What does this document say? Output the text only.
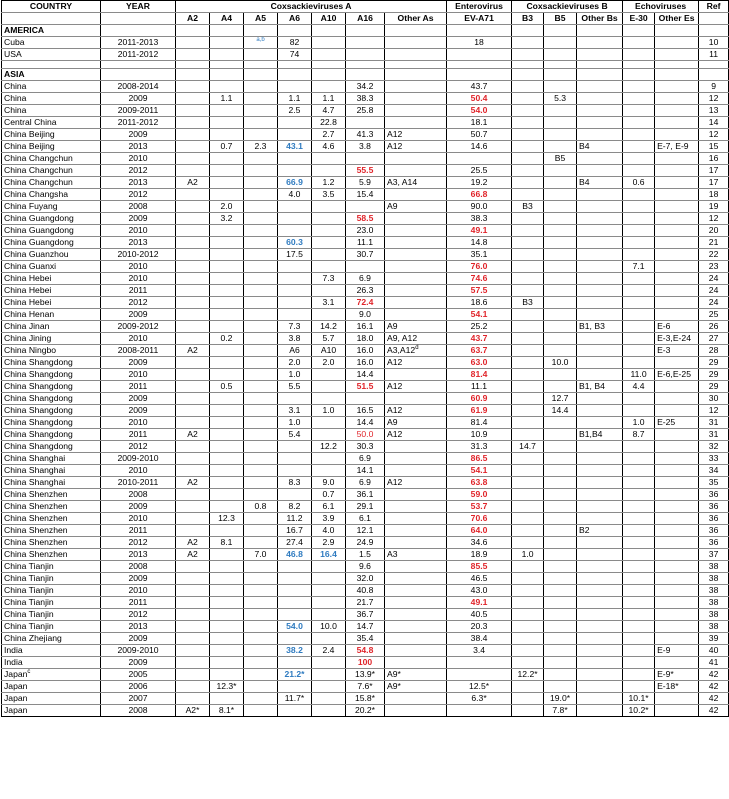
COUNTRY	YEAR	Coxsackieviruses A							Enterovirus	Coxsackieviruses B			Echoviruses		Ref
		A2	A4	A5	A6	A10	A16	Other As	EV-A71	B3	B5	Other Bs	E-30	Other Es	
AMERICA															
Cuba	2011-2013			$^{a,b}$	82				18						10
USA	2011-2012				74										11

ASIA															
China	2008-2014						34.2		43.7						9
China	2009		1.1		1.1	1.1	38.3		50.4		5.3				12
China	2009-2011				2.5	4.7	25.8		54.0						13
Central China	2011-2012					22.8			18.1						14
China Beijing	2009					2.7	41.3	A12	50.7						12
China Beijing	2013		0.7	2.3	43.1	4.6	3.8	A12	14.6			B4		E-7, E-9	15
China Changchun	2010										B5				16
China Changchun	2012						55.5		25.5						17
China Changchun	2013	A2			66.9	1.2	5.9	A3, A14	19.2			B4	0.6		17
China Changsha	2012				4.0	3.5	15.4		66.8						18
China Fuyang	2008		2.0					A9	90.0	B3					19
China Guangdong	2009		3.2				58.5		38.3						12
China Guangdong	2010						23.0		49.1						20
China Guangdong	2013				60.3		11.1		14.8						21
China Guanzhou	2010-2012				17.5		30.7		35.1						22
China Guanxi	2010								76.0				7.1		23
China Hebei	2010					7.3	6.9		74.6						24
China Hebei	2011						26.3		57.5						24
China Hebei	2012					3.1	72.4		18.6	B3					24
China Henan	2009						9.0		54.1						25
China Jinan	2009-2012				7.3	14.2	16.1	A9	25.2			B1, B3		E-6	26
China Jining	2010		0.2		3.8	5.7	18.0	A9, A12	43.7					E-3,E-24	27
China Ningbo	2008-2011	A2			A6	A10	16.0	A3,A12$^d$	63.7					E-3	28
China Shangdong	2009				2.0	2.0	16.0	A12	63.0		10.0				29
China Shangdong	2010				1.0		14.4		81.4				11.0	E-6,E-25	29
China Shangdong	2011		0.5		5.5		51.5	A12	11.1			B1, B4	4.4		29
China Shangdong	2009								60.9		12.7				30
China Shangdong	2009				3.1	1.0	16.5	A12	61.9		14.4				12
China Shangdong	2010				1.0		14.4	A9	81.4				1.0	E-25	31
China Shangdong	2011	A2			5.4		50.0	A12	10.9			B1,B4	8.7		31
China Shangdong	2012					12.2	30.3		31.3	14.7					32
China Shanghai	2009-2010						6.9		86.5						33
China Shanghai	2010						14.1		54.1						34
China Shanghai	2010-2011	A2			8.3	9.0	6.9	A12	63.8						35
China Shenzhen	2008					0.7	36.1		59.0						36
China Shenzhen	2009			0.8	8.2	6.1	29.1		53.7						36
China Shenzhen	2010		12.3		11.2	3.9	6.1		70.6						36
China Shenzhen	2011				16.7	4.0	12.1		64.0			B2			36
China Shenzhen	2012	A2	8.1		27.4	2.9	24.9		34.6						36
China Shenzhen	2013	A2		7.0	46.8	16.4	1.5	A3	18.9	1.0					37
China Tianjin	2008						9.6		85.5						38
China Tianjin	2009						32.0		46.5						38
China Tianjin	2010						40.8		43.0						38
China Tianjin	2011						21.7		49.1						38
China Tianjin	2012						36.7		40.5						38
China Tianjin	2013				54.0	10.0	14.7		20.3						38
China Zhejiang	2009						35.4		38.4						39
India	2009-2010				38.2	2.4	54.8		3.4					E-9	40
India	2009						100								41
Japan$^c$	2005				21.2*		13.9*	A9*		12.2*				E-9*	42
Japan	2006		12.3*				7.6*	A9*	12.5*					E-18*	42
Japan	2007				11.7*		15.8*		6.3*		19.0*		10.1*		42
Japan	2008	A2*	8.1*				20.2*				7.8*		10.2*		42
